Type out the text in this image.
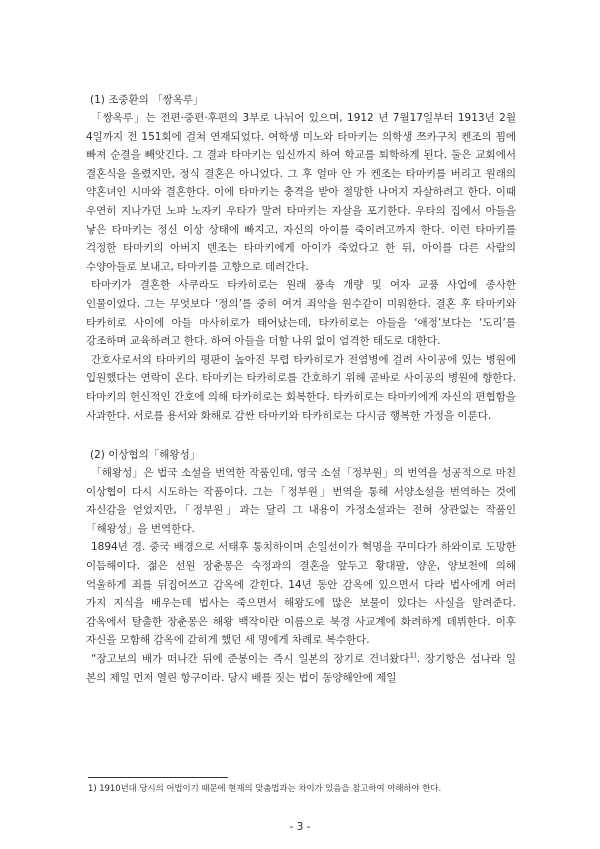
(1) 조중환의 「쌍옥루」

「쌍옥루」는 전편·중편·후편의 3부로 나뉘어 있으며, 1912 년 7월17일부터 1913년 2월 4일까지 전 151회에 걸쳐 연재되었다. 여학생 미노와 타마키는 의학생 쯔카구치 켄조의 꾐에 빠져 순결을 빼앗긴다. 그 결과 타마키는 임신까지 하여 학교를 퇴학하게 된다. 둘은 교회에서 결혼식을 올렸지만, 정식 결혼은 아니었다. 그 후 얼마 안 가 켄조는 타마키를 버리고 원래의 약혼녀인 시마와 결혼한다. 이에 타마키는 충격을 받아 절망한 나머지 자살하려고 한다. 이때 우연히 지나가던 노파 노자키 우타가 말려 타마키는 자살을 포기한다. 우타의 집에서 아들을 낳은 타마키는 정신 이상 상태에 빠지고, 자신의 아이를 죽이려고까지 한다. 이런 타마키를 걱정한 타마키의 아버지 덴조는 타마키에게 아이가 죽었다고 한 뒤, 아이를 다른 사람의 수양아들로 보내고, 타마키를 고향으로 데려간다.

타마키가 결혼한 사쿠라도 타카히로는 원래 풍속 개량 및 여자 교풍 사업에 종사한 인물이었다. 그는 무엇보다 ‘정의’를 중히 여겨 죄악을 원수같이 미워한다. 결혼 후 타마키와 타카히로 사이에 아들 마사히로가 태어났는데, 타카히로는 아들을 ‘애정’보다는 ‘도리’를 강조하며 교육하려고 한다. 하여 아들을 더할 나위 없이 엄격한 태도로 대한다.

간호사로서의 타마키의 평판이 높아진 무렵 타카히로가 전염병에 걸려 사이공에 있는 병원에 입원했다는 연락이 온다. 타마키는 타카히로를 간호하기 위해 곧바로 사이공의 병원에 향한다. 타마키의 헌신적인 간호에 의해 타카히로는 회복한다. 타카히로는 타마키에게 자신의 편협함을 사과한다. 서로를 용서와 화해로 감싼 타마키와 타카히로는 다시금 행복한 가정을 이룬다.

(2) 이상협의「해왕성」

「해왕성」은 법국 소설을 번역한 작품인데, 영국 소설「정부원」의 번역을 성공적으로 마친 이상협이 다시 시도하는 작품이다. 그는「정부원」번역을 통해 서양소설을 번역하는 것에 자신감을 얻었지만,「정부원」과는 달리 그 내용이 가정소설과는 전혀 상관없는 작품인「해왕성」을 번역한다.

1894년 경. 중국 배경으로 서태후 통치하이며 손일선이가 혁명을 꾸미다가 하와이로 도망한 이듬해이다. 젊은 선원 장춘몽은 숙정과의 결혼을 앞두고 황대팔, 양운, 양보천에 의해 억울하게 죄를 뒤집어쓰고 감옥에 갇힌다. 14년 동안 감옥에 있으면서 다라 법사에게 여러 가지 지식을 배우는데 법사는 죽으면서 해왕도에 많은 보물이 있다는 사실을 알려준다. 감옥에서 탈출한 장춘몽은 해왕 백작이란 이름으로 북경 사교계에 화려하게 데뷔한다. 이후 자신을 모함해 감옥에 갇히게 했던 세 명에게 차례로 복수한다.

“장고보의 배가 떠나간 뒤에 준봉이는 즉시 일본의 장기로 건너왔다$^{1)}$. 장기항은 섬나라 일 본의 제일 먼저 열린 항구이라. 당시 배를 짓는 법이 동양해안에 제일

1) 1910년대 당시의 어법이기 때문에 현재의 맞춤법과는 차이가 있음을 참고하여 이해하야 한다.
- 3 -
